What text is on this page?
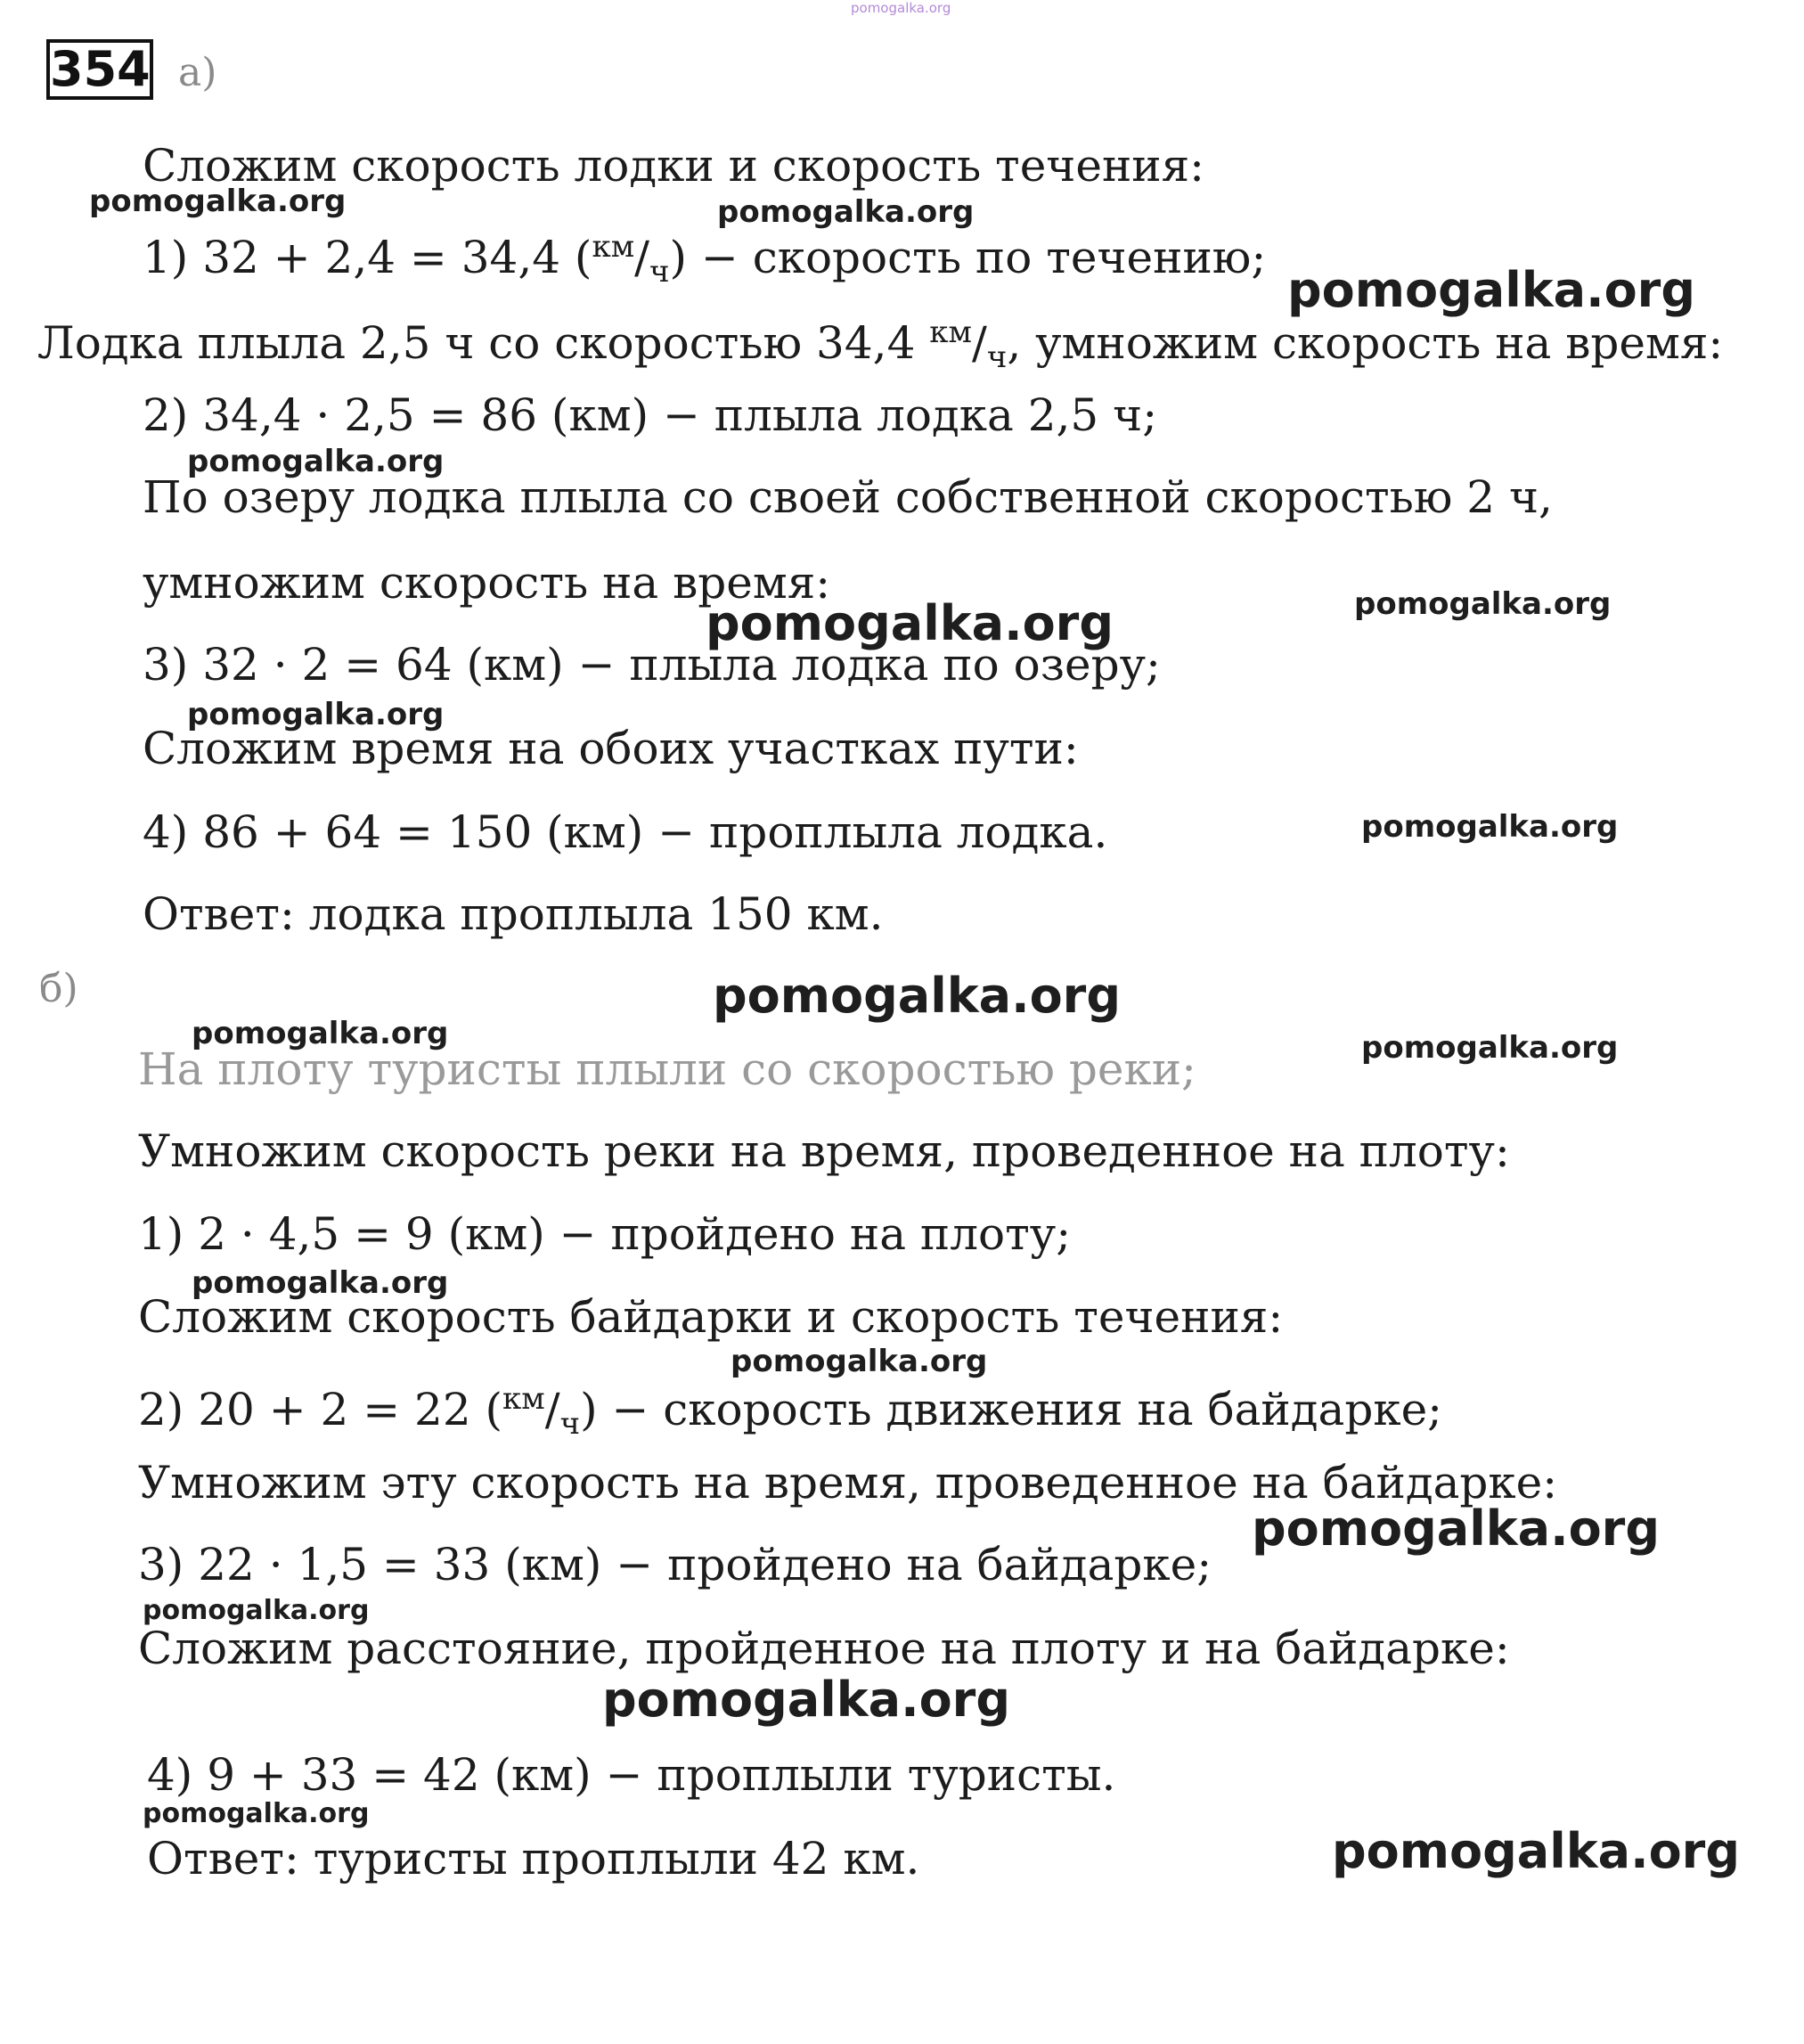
pomogalka.org
354 а)
Сложим скорость лодки и скорость течения:
1) 32 + 2,4 = 34,4 $(^{км}/_ч)$ − скорость по течению;
Лодка плыла 2,5 ч со скоростью 34,4 $^{км}/_ч$, умножим скорость на время:
2) 34,4 · 2,5 = 86 (км) − плыла лодка 2,5 ч;
По озеру лодка плыла со своей собственной скоростью 2 ч,
умножим скорость на время:
3) 32 · 2 = 64 (км) − плыла лодка по озеру;
Сложим время на обоих участках пути:
4) 86 + 64 = 150 (км) − проплыла лодка.
Ответ: лодка проплыла 150 км.
б)
На плоту туристы плыли со скоростью реки;
Умножим скорость реки на время, проведенное на плоту:
1) 2 · 4,5 = 9 (км) − пройдено на плоту;
Сложим скорость байдарки и скорость течения:
2) 20 + 2 = 22 $(^{км}/_ч)$ − скорость движения на байдарке;
Умножим эту скорость на время, проведенное на байдарке:
3) 22 · 1,5 = 33 (км) − пройдено на байдарке;
Сложим расстояние, пройденное на плоту и на байдарке:
4) 9 + 33 = 42 (км) − проплыли туристы.
Ответ: туристы проплыли 42 км.
pomogalka.org	pomogalka.org
pomogalka.org
pomogalka.org
pomogalka.org	pomogalka.org
pomogalka.org
pomogalka.org
pomogalka.org
pomogalka.org	pomogalka.org
pomogalka.org
pomogalka.org
pomogalka.org
pomogalka.org
pomogalka.org
pomogalka.org
pomogalka.org
